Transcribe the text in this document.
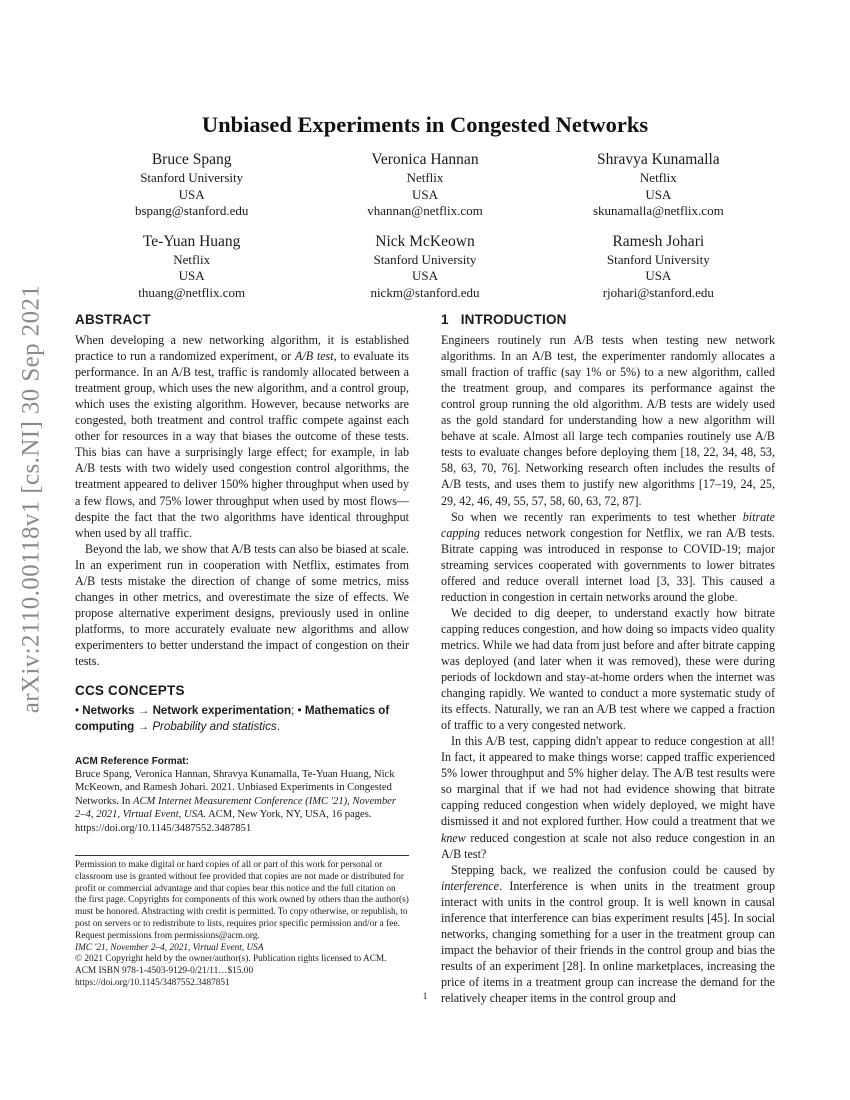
arXiv:2110.00118v1 [cs.NI] 30 Sep 2021
Unbiased Experiments in Congested Networks
Bruce Spang
Stanford University
USA
bspang@stanford.edu
Veronica Hannan
Netflix
USA
vhannan@netflix.com
Shravya Kunamalla
Netflix
USA
skunamalla@netflix.com
Te-Yuan Huang
Netflix
USA
thuang@netflix.com
Nick McKeown
Stanford University
USA
nickm@stanford.edu
Ramesh Johari
Stanford University
USA
rjohari@stanford.edu
ABSTRACT

When developing a new networking algorithm, it is established practice to run a randomized experiment, or A/B test, to evaluate its performance. In an A/B test, traffic is randomly allocated between a treatment group, which uses the new algorithm, and a control group, which uses the existing algorithm. However, because networks are congested, both treatment and control traffic compete against each other for resources in a way that biases the outcome of these tests. This bias can have a surprisingly large effect; for example, in lab A/B tests with two widely used congestion control algorithms, the treatment appeared to deliver 150% higher throughput when used by a few flows, and 75% lower throughput when used by most flows—despite the fact that the two algorithms have identical throughput when used by all traffic.

Beyond the lab, we show that A/B tests can also be biased at scale. In an experiment run in cooperation with Netflix, estimates from A/B tests mistake the direction of change of some metrics, miss changes in other metrics, and overestimate the size of effects. We propose alternative experiment designs, previously used in online platforms, to more accurately evaluate new algorithms and allow experimenters to better understand the impact of congestion on their tests.

CCS CONCEPTS
• Networks → Network experimentation; • Mathematics of computing → Probability and statistics.
ACM Reference Format:
Bruce Spang, Veronica Hannan, Shravya Kunamalla, Te-Yuan Huang, Nick McKeown, and Ramesh Johari. 2021. Unbiased Experiments in Congested Networks. In ACM Internet Measurement Conference (IMC '21), November 2–4, 2021, Virtual Event, USA. ACM, New York, NY, USA, 16 pages. https://doi.org/10.1145/3487552.3487851

Permission to make digital or hard copies of all or part of this work for personal or classroom use is granted without fee provided that copies are not made or distributed for profit or commercial advantage and that copies bear this notice and the full citation on the first page. Copyrights for components of this work owned by others than the author(s) must be honored. Abstracting with credit is permitted. To copy otherwise, or republish, to post on servers or to redistribute to lists, requires prior specific permission and/or a fee. Request permissions from permissions@acm.org.

IMC '21, November 2–4, 2021, Virtual Event, USA

© 2021 Copyright held by the owner/author(s). Publication rights licensed to ACM.

ACM ISBN 978-1-4503-9129-0/21/11…$15.00

https://doi.org/10.1145/3487552.3487851

1 INTRODUCTION

Engineers routinely run A/B tests when testing new network algorithms. In an A/B test, the experimenter randomly allocates a small fraction of traffic (say 1% or 5%) to a new algorithm, called the treatment group, and compares its performance against the control group running the old algorithm. A/B tests are widely used as the gold standard for understanding how a new algorithm will behave at scale. Almost all large tech companies routinely use A/B tests to evaluate changes before deploying them [18, 22, 34, 48, 53, 58, 63, 70, 76]. Networking research often includes the results of A/B tests, and uses them to justify new algorithms [17–19, 24, 25, 29, 42, 46, 49, 55, 57, 58, 60, 63, 72, 87].

So when we recently ran experiments to test whether bitrate capping reduces network congestion for Netflix, we ran A/B tests. Bitrate capping was introduced in response to COVID-19; major streaming services cooperated with governments to lower bitrates offered and reduce overall internet load [3, 33]. This caused a reduction in congestion in certain networks around the globe.

We decided to dig deeper, to understand exactly how bitrate capping reduces congestion, and how doing so impacts video quality metrics. While we had data from just before and after bitrate capping was deployed (and later when it was removed), these were during periods of lockdown and stay-at-home orders when the internet was changing rapidly. We wanted to conduct a more systematic study of its effects. Naturally, we ran an A/B test where we capped a fraction of traffic to a very congested network.

In this A/B test, capping didn't appear to reduce congestion at all! In fact, it appeared to make things worse: capped traffic experienced 5% lower throughput and 5% higher delay. The A/B test results were so marginal that if we had not had evidence showing that bitrate capping reduced congestion when widely deployed, we might have dismissed it and not explored further. How could a treatment that we knew reduced congestion at scale not also reduce congestion in an A/B test?

Stepping back, we realized the confusion could be caused by interference. Interference is when units in the treatment group interact with units in the control group. It is well known in causal inference that interference can bias experiment results [45]. In social networks, changing something for a user in the treatment group can impact the behavior of their friends in the control group and bias the results of an experiment [28]. In online marketplaces, increasing the price of items in a treatment group can increase the demand for the relatively cheaper items in the control group and

1
